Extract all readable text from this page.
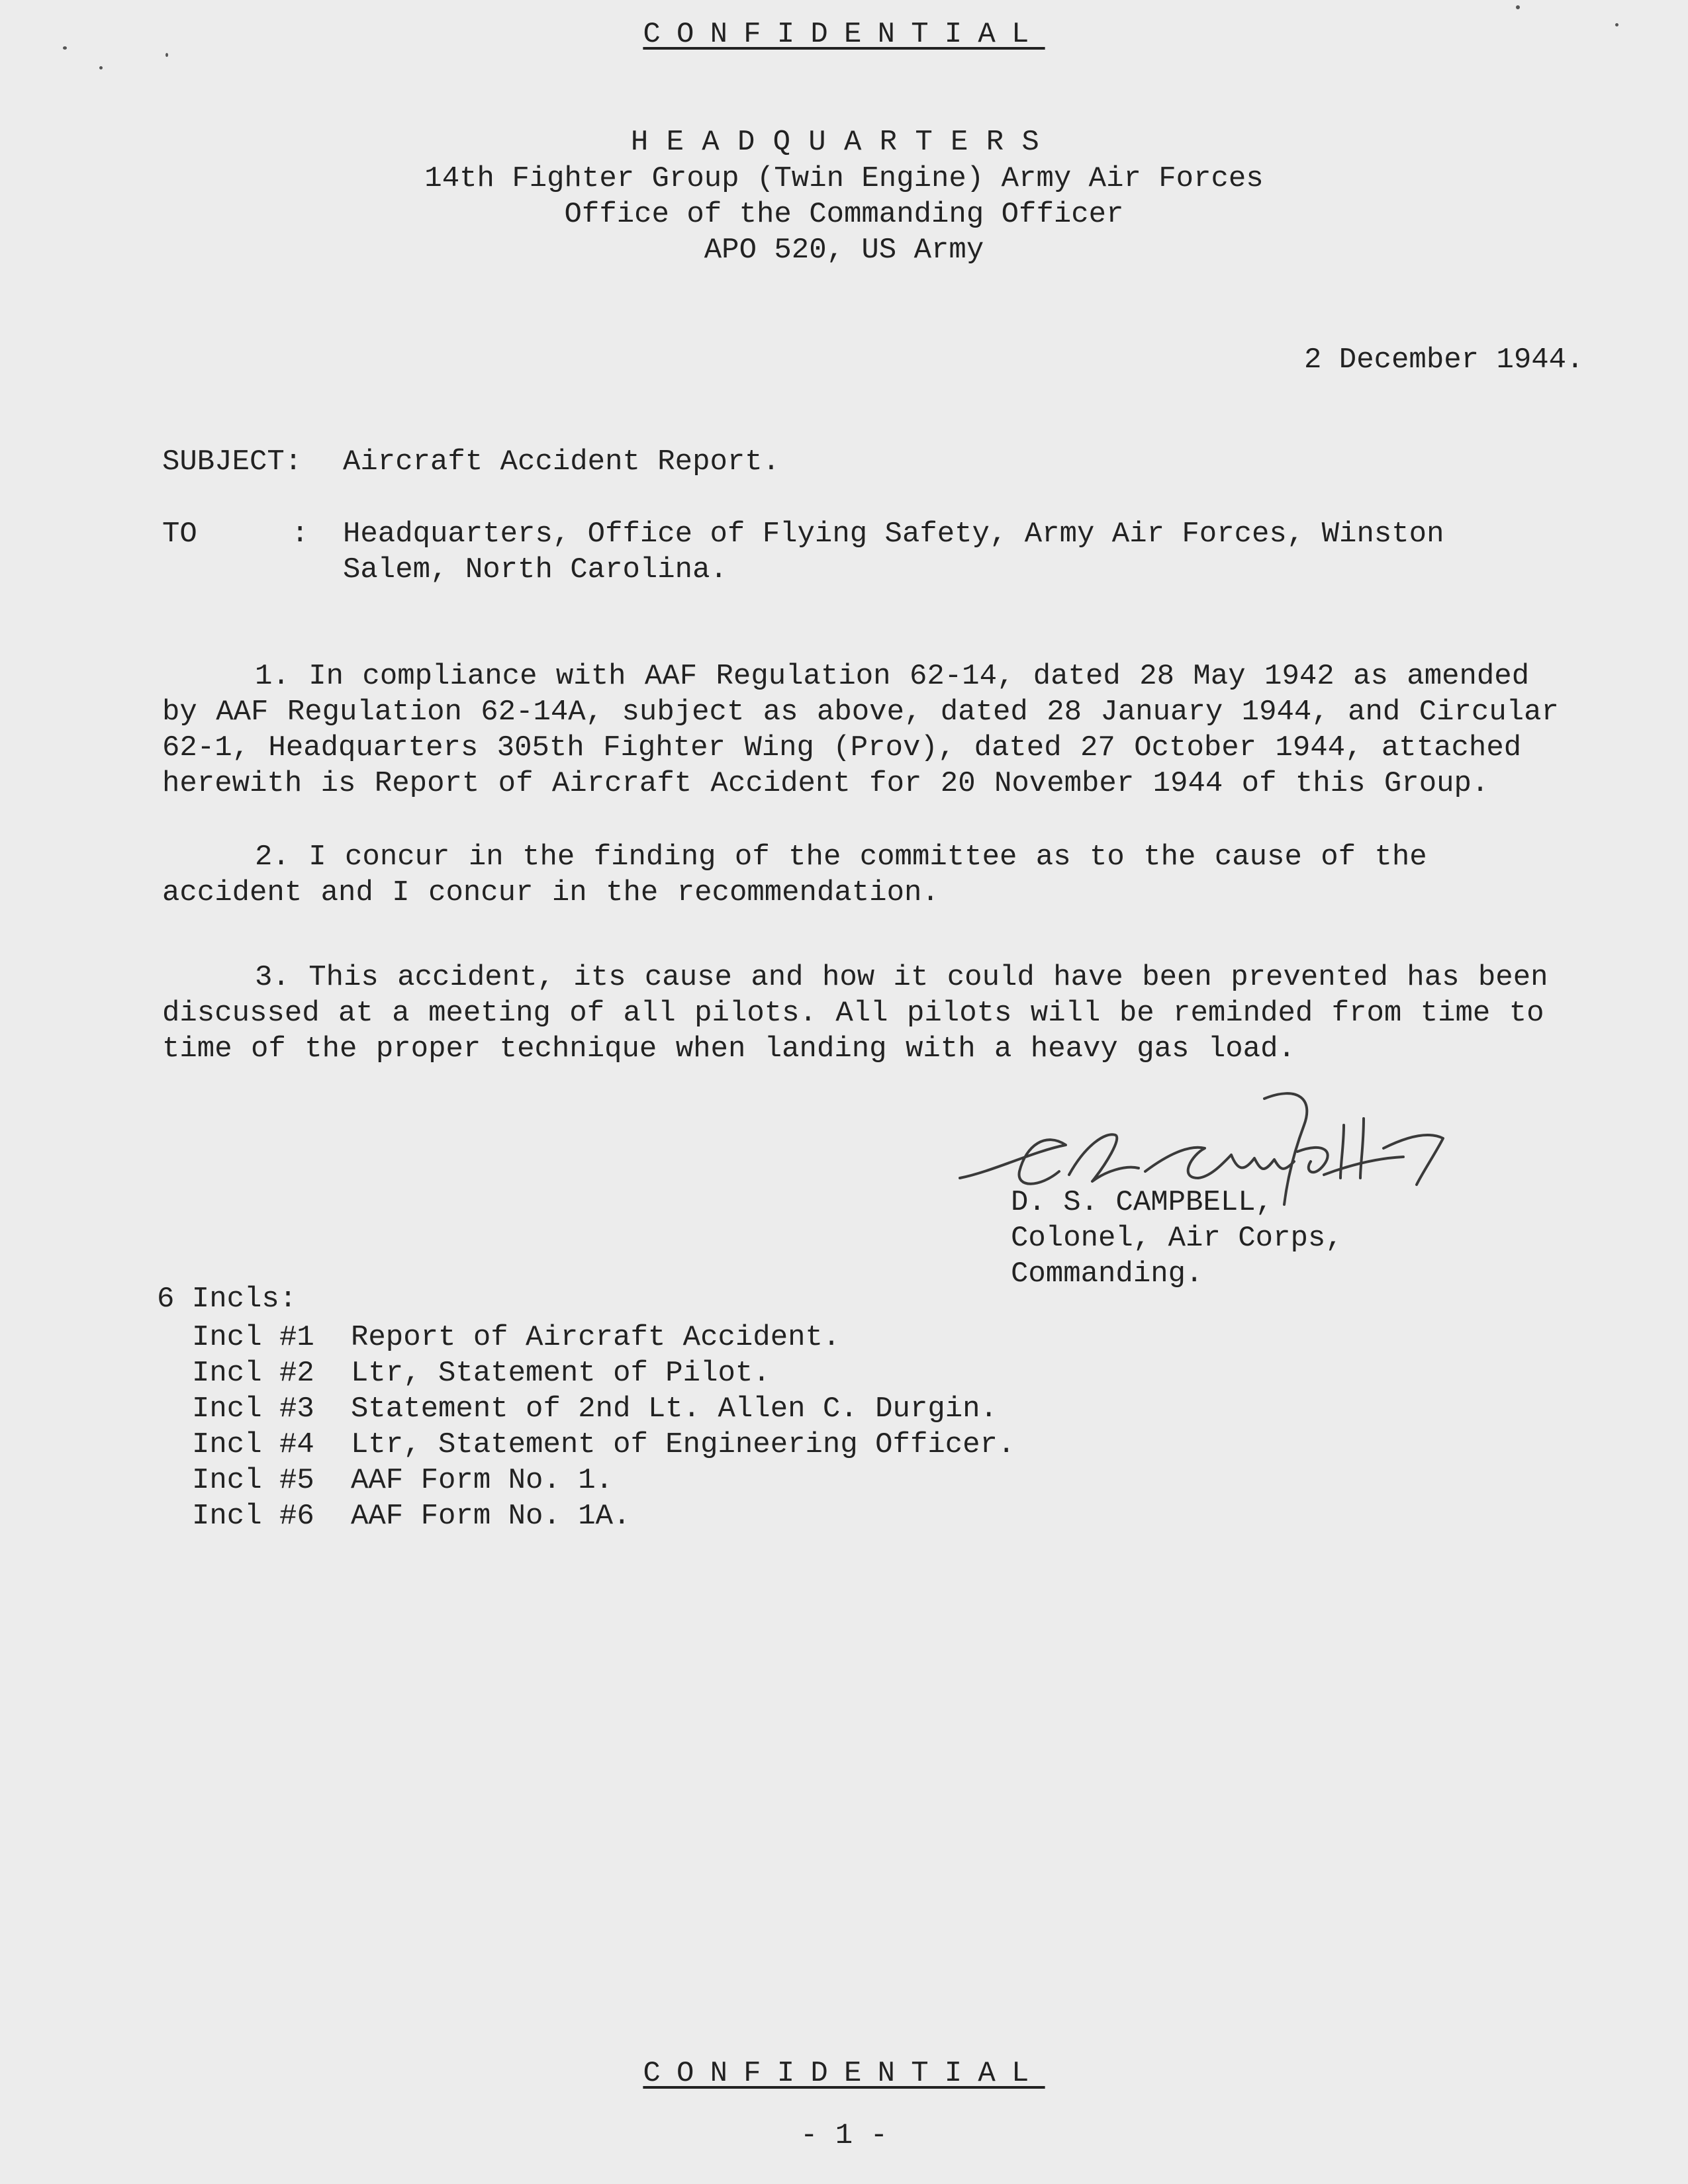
CONFIDENTIAL
HEADQUARTERS
14th Fighter Group (Twin Engine) Army Air Forces
Office of the Commanding Officer
APO 520, US Army
2 December 1944.
SUBJECT: Aircraft Accident Report.
TO	: Headquarters, Office of Flying Safety, Army Air Forces, Winston
Salem, North Carolina.
1. In compliance with AAF Regulation 62-14, dated 28 May 1942 as amended by AAF Regulation 62-14A, subject as above, dated 28 January 1944, and Circular 62-1, Headquarters 305th Fighter Wing (Prov), dated 27 October 1944, attached herewith is Report of Aircraft Accident for 20 November 1944 of this Group.
2. I concur in the finding of the committee as to the cause of the accident and I concur in the recommendation.
3. This accident, its cause and how it could have been prevented has been discussed at a meeting of all pilots. All pilots will be reminded from time to time of the proper technique when landing with a heavy gas load.
D. S. CAMPBELL,
Colonel, Air Corps,
Commanding.
6 Incls:
Incl #1 Report of Aircraft Accident.
Incl #2 Ltr, Statement of Pilot.
Incl #3 Statement of 2nd Lt. Allen C. Durgin.
Incl #4 Ltr, Statement of Engineering Officer.
Incl #5 AAF Form No. 1.
Incl #6 AAF Form No. 1A.
CONFIDENTIAL
- 1 -
